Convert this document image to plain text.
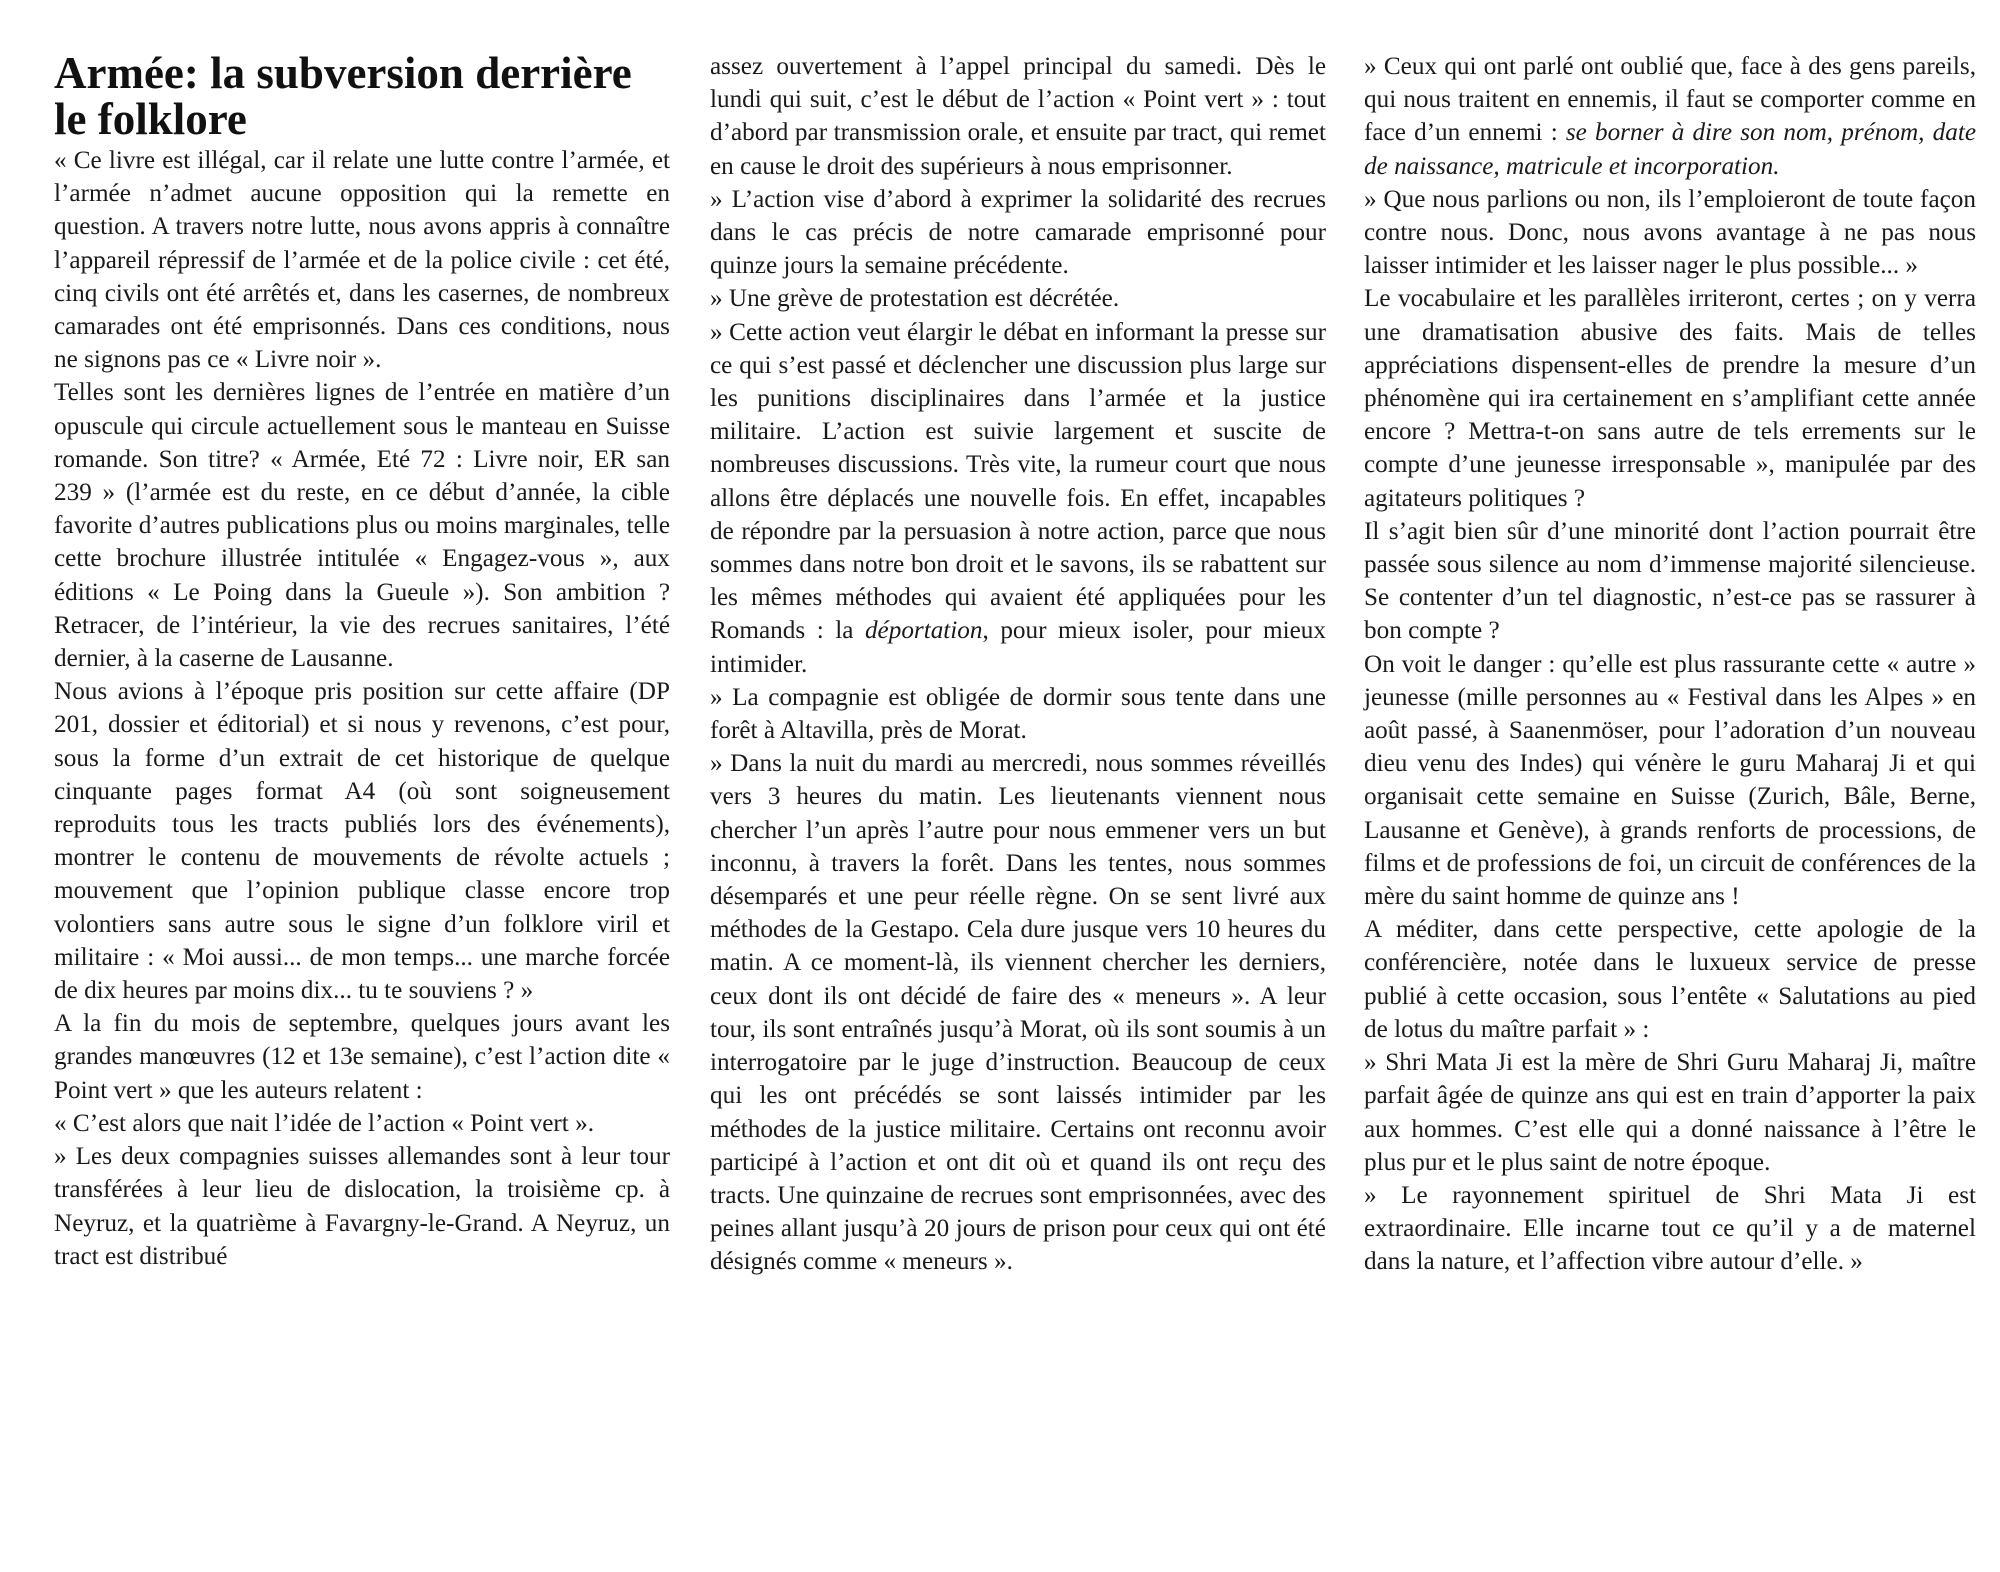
Armée: la subversion derrière le folklore

« Ce livre est illégal, car il relate une lutte contre l’armée, et l’armée n’admet aucune opposition qui la remette en question. A travers notre lutte, nous avons appris à connaître l’appareil répressif de l’armée et de la police civile : cet été, cinq civils ont été arrêtés et, dans les casernes, de nombreux camarades ont été emprisonnés. Dans ces conditions, nous ne signons pas ce « Livre noir ».

Telles sont les dernières lignes de l’entrée en matière d’un opuscule qui circule actuellement sous le manteau en Suisse romande. Son titre? « Armée, Eté 72 : Livre noir, ER san 239 » (l’armée est du reste, en ce début d’année, la cible favorite d’autres publications plus ou moins marginales, telle cette brochure illustrée intitulée « Engagez-vous », aux éditions « Le Poing dans la Gueule »). Son ambition ? Retracer, de l’intérieur, la vie des recrues sanitaires, l’été dernier, à la caserne de Lausanne.

Nous avions à l’époque pris position sur cette affaire (DP 201, dossier et éditorial) et si nous y revenons, c’est pour, sous la forme d’un extrait de cet historique de quelque cinquante pages format A4 (où sont soigneusement reproduits tous les tracts publiés lors des événements), montrer le contenu de mouvements de révolte actuels ; mouvement que l’opinion publique classe encore trop volontiers sans autre sous le signe d’un folklore viril et militaire : « Moi aussi... de mon temps... une marche forcée de dix heures par moins dix... tu te souviens ? »

A la fin du mois de septembre, quelques jours avant les grandes manœuvres (12 et 13e semaine), c’est l’action dite « Point vert » que les auteurs relatent :

« C’est alors que nait l’idée de l’action « Point vert ».

» Les deux compagnies suisses allemandes sont à leur tour transférées à leur lieu de dislocation, la troisième cp. à Neyruz, et la quatrième à Favargny-le-Grand. A Neyruz, un tract est distribué

assez ouvertement à l’appel principal du samedi. Dès le lundi qui suit, c’est le début de l’action « Point vert » : tout d’abord par transmission orale, et ensuite par tract, qui remet en cause le droit des supérieurs à nous emprisonner.

» L’action vise d’abord à exprimer la solidarité des recrues dans le cas précis de notre camarade emprisonné pour quinze jours la semaine précédente.

» Une grève de protestation est décrétée.

» Cette action veut élargir le débat en informant la presse sur ce qui s’est passé et déclencher une discussion plus large sur les punitions disciplinaires dans l’armée et la justice militaire. L’action est suivie largement et suscite de nombreuses discussions. Très vite, la rumeur court que nous allons être déplacés une nouvelle fois. En effet, incapables de répondre par la persuasion à notre action, parce que nous sommes dans notre bon droit et le savons, ils se rabattent sur les mêmes méthodes qui avaient été appliquées pour les Romands : la déportation, pour mieux isoler, pour mieux intimider.

» La compagnie est obligée de dormir sous tente dans une forêt à Altavilla, près de Morat.

» Dans la nuit du mardi au mercredi, nous sommes réveillés vers 3 heures du matin. Les lieutenants viennent nous chercher l’un après l’autre pour nous emmener vers un but inconnu, à travers la forêt. Dans les tentes, nous sommes désemparés et une peur réelle règne. On se sent livré aux méthodes de la Gestapo. Cela dure jusque vers 10 heures du matin. A ce moment-là, ils viennent chercher les derniers, ceux dont ils ont décidé de faire des « meneurs ». A leur tour, ils sont entraînés jusqu’à Morat, où ils sont soumis à un interrogatoire par le juge d’instruction. Beaucoup de ceux qui les ont précédés se sont laissés intimider par les méthodes de la justice militaire. Certains ont reconnu avoir participé à l’action et ont dit où et quand ils ont reçu des tracts. Une quinzaine de recrues sont emprisonnées, avec des peines allant jusqu’à 20 jours de prison pour ceux qui ont été désignés comme « meneurs ».

» Ceux qui ont parlé ont oublié que, face à des gens pareils, qui nous traitent en ennemis, il faut se comporter comme en face d’un ennemi : se borner à dire son nom, prénom, date de naissance, matricule et incorporation.

» Que nous parlions ou non, ils l’emploieront de toute façon contre nous. Donc, nous avons avantage à ne pas nous laisser intimider et les laisser nager le plus possible... »

Le vocabulaire et les parallèles irriteront, certes ; on y verra une dramatisation abusive des faits. Mais de telles appréciations dispensent-elles de prendre la mesure d’un phénomène qui ira certainement en s’amplifiant cette année encore ? Mettra-t-on sans autre de tels errements sur le compte d’une jeunesse irresponsable », manipulée par des agitateurs politiques ?

Il s’agit bien sûr d’une minorité dont l’action pourrait être passée sous silence au nom d’immense majorité silencieuse. Se contenter d’un tel diagnostic, n’est-ce pas se rassurer à bon compte ?

On voit le danger : qu’elle est plus rassurante cette « autre » jeunesse (mille personnes au « Festival dans les Alpes » en août passé, à Saanenmöser, pour l’adoration d’un nouveau dieu venu des Indes) qui vénère le guru Maharaj Ji et qui organisait cette semaine en Suisse (Zurich, Bâle, Berne, Lausanne et Genève), à grands renforts de processions, de films et de professions de foi, un circuit de conférences de la mère du saint homme de quinze ans !

A méditer, dans cette perspective, cette apologie de la conférencière, notée dans le luxueux service de presse publié à cette occasion, sous l’entête « Salutations au pied de lotus du maître parfait » :

» Shri Mata Ji est la mère de Shri Guru Maharaj Ji, maître parfait âgée de quinze ans qui est en train d’apporter la paix aux hommes. C’est elle qui a donné naissance à l’être le plus pur et le plus saint de notre époque.

» Le rayonnement spirituel de Shri Mata Ji est extraordinaire. Elle incarne tout ce qu’il y a de maternel dans la nature, et l’affection vibre autour d’elle. »
